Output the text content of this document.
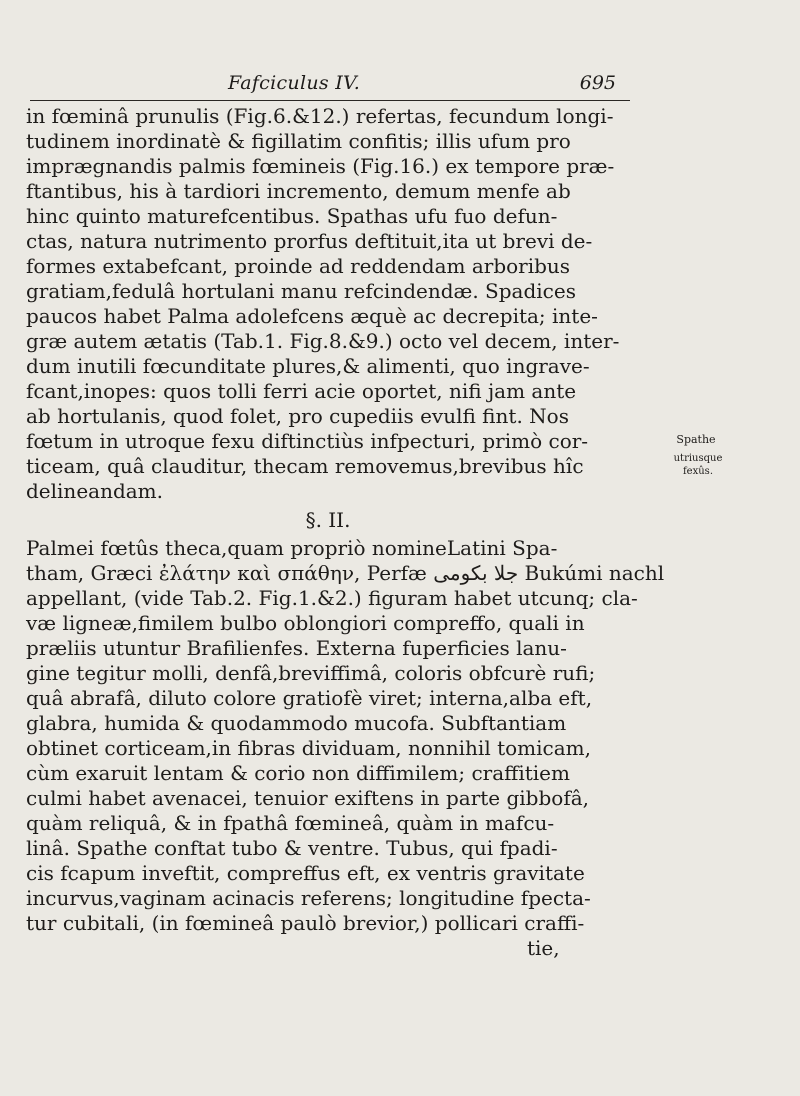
Fafciculus IV.	695
in fœminâ prunulis (Fig.6.&12.) refertas, fecundum longi-
tudinem inordinatè & figillatim confitis; illis ufum pro
imprægnandis palmis fœmineis (Fig.16.) ex tempore præ-
ftantibus, his à tardiori incremento, demum menfe ab
hinc quinto maturefcentibus. Spathas ufu fuo defun-
ctas, natura nutrimento prorfus deftituit,ita ut brevi de-
formes extabefcant, proinde ad reddendam arboribus
gratiam,fedulâ hortulani manu refcindendæ. Spadices
paucos habet Palma adolefcens æquè ac decrepita; inte-
græ autem ætatis (Tab.1. Fig.8.&9.) octo vel decem, inter-
dum inutili fœcunditate plures,& alimenti, quo ingrave-
fcant,inopes: quos tolli ferri acie oportet, nifi jam ante
ab hortulanis, quod folet, pro cupediis evulfi fint. Nos
fœtum in utroque fexu diftinctiùs infpecturi, primò cor-
ticeam, quâ clauditur, thecam removemus,brevibus hîc
delineandam.
§. II.
Palmei fœtûs theca,quam propriò nomineLatini Spa-
tham, Græci ἐλάτην καὶ σπάθην, Perfæ ﺟﻼ ﺑﻜﻮﻣﻰ Bukúmi nachl
appellant, (vide Tab.2. Fig.1.&2.) figuram habet utcunq; cla-
væ ligneæ,fimilem bulbo oblongiori compreffo, quali in
præliis utuntur Brafilienfes. Externa fuperficies lanu-
gine tegitur molli, denfâ,breviffimâ, coloris obfcurè rufi;
quâ abrafâ, diluto colore gratiofè viret; interna,alba eft,
glabra, humida & quodammodo mucofa. Subftantiam
obtinet corticeam,in fibras dividuam, nonnihil tomicam,
cùm exaruit lentam & corio non diffimilem; craffitiem
culmi habet avenacei, tenuior exiftens in parte gibbofâ,
quàm reliquâ, & in fpathâ fœmineâ, quàm in mafcu-
linâ. Spathe conftat tubo & ventre. Tubus, qui fpadi-
cis fcapum inveftit, compreffus eft, ex ventris gravitate
incurvus,vaginam acinacis referens; longitudine fpecta-
tur cubitali, (in fœmineâ paulò brevior,) pollicari craffi-
tie,
Spathe
utriusque
fexûs.
